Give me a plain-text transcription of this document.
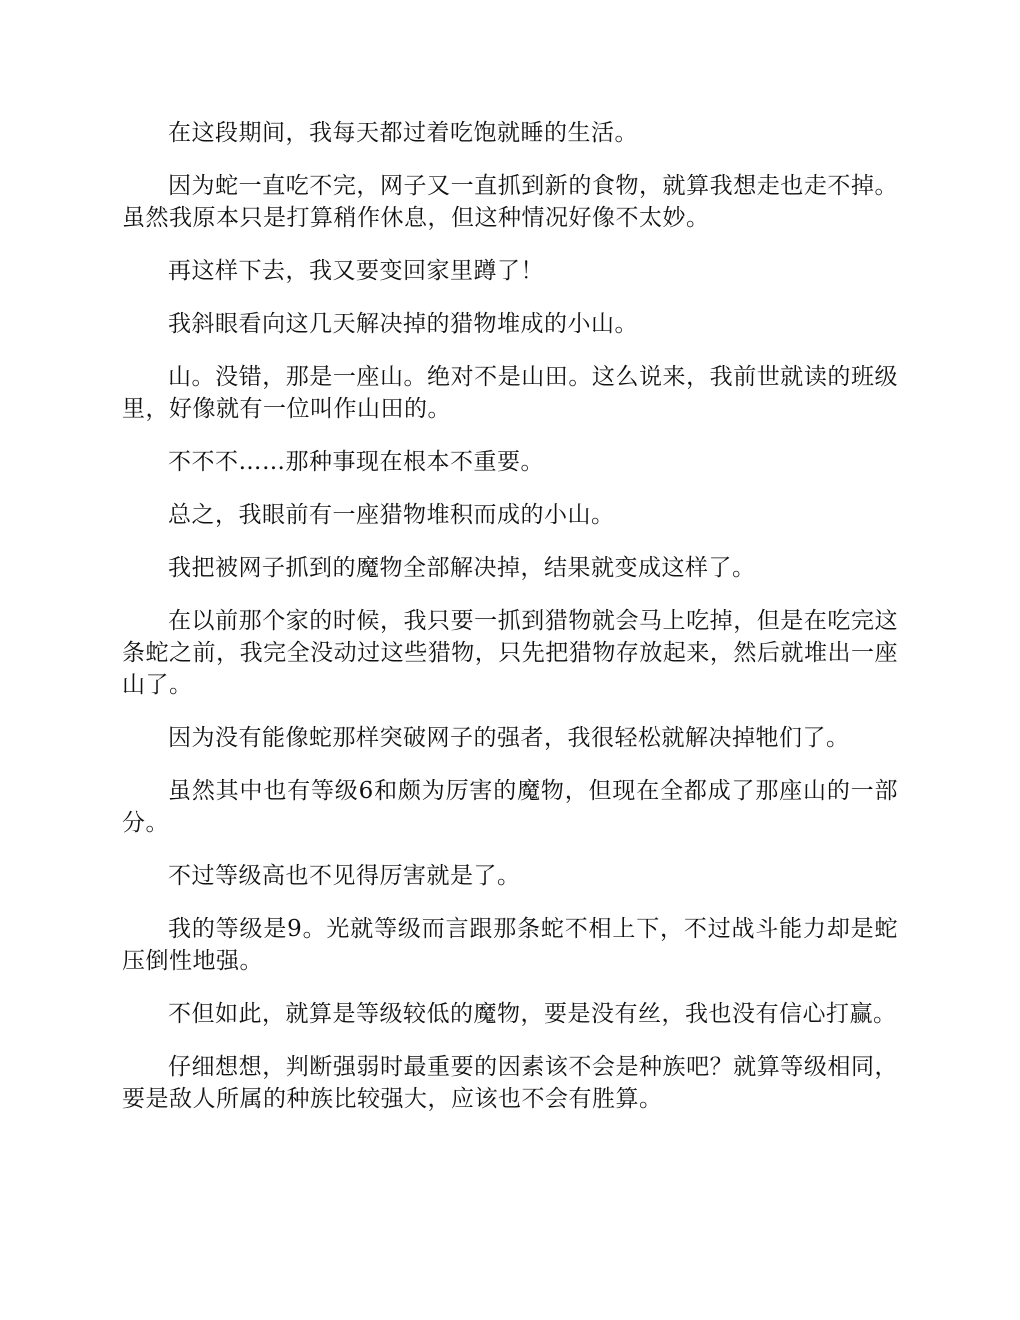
在这段期间，我每天都过着吃饱就睡的生活。

因为蛇一直吃不完，网子又一直抓到新的食物，就算我想走也走不掉。虽然我原本只是打算稍作休息，但这种情况好像不太妙。

再这样下去，我又要变回家里蹲了！

我斜眼看向这几天解决掉的猎物堆成的小山。

山。没错，那是一座山。绝对不是山田。这么说来，我前世就读的班级里，好像就有一位叫作山田的。

不不不……那种事现在根本不重要。

总之，我眼前有一座猎物堆积而成的小山。

我把被网子抓到的魔物全部解决掉，结果就变成这样了。

在以前那个家的时候，我只要一抓到猎物就会马上吃掉，但是在吃完这条蛇之前，我完全没动过这些猎物，只先把猎物存放起来，然后就堆出一座山了。

因为没有能像蛇那样突破网子的强者，我很轻松就解决掉牠们了。

虽然其中也有等级6和颇为厉害的魔物，但现在全都成了那座山的一部分。

不过等级高也不见得厉害就是了。

我的等级是9。光就等级而言跟那条蛇不相上下，不过战斗能力却是蛇压倒性地强。

不但如此，就算是等级较低的魔物，要是没有丝，我也没有信心打赢。

仔细想想，判断强弱时最重要的因素该不会是种族吧？就算等级相同，要是敌人所属的种族比较强大，应该也不会有胜算。
